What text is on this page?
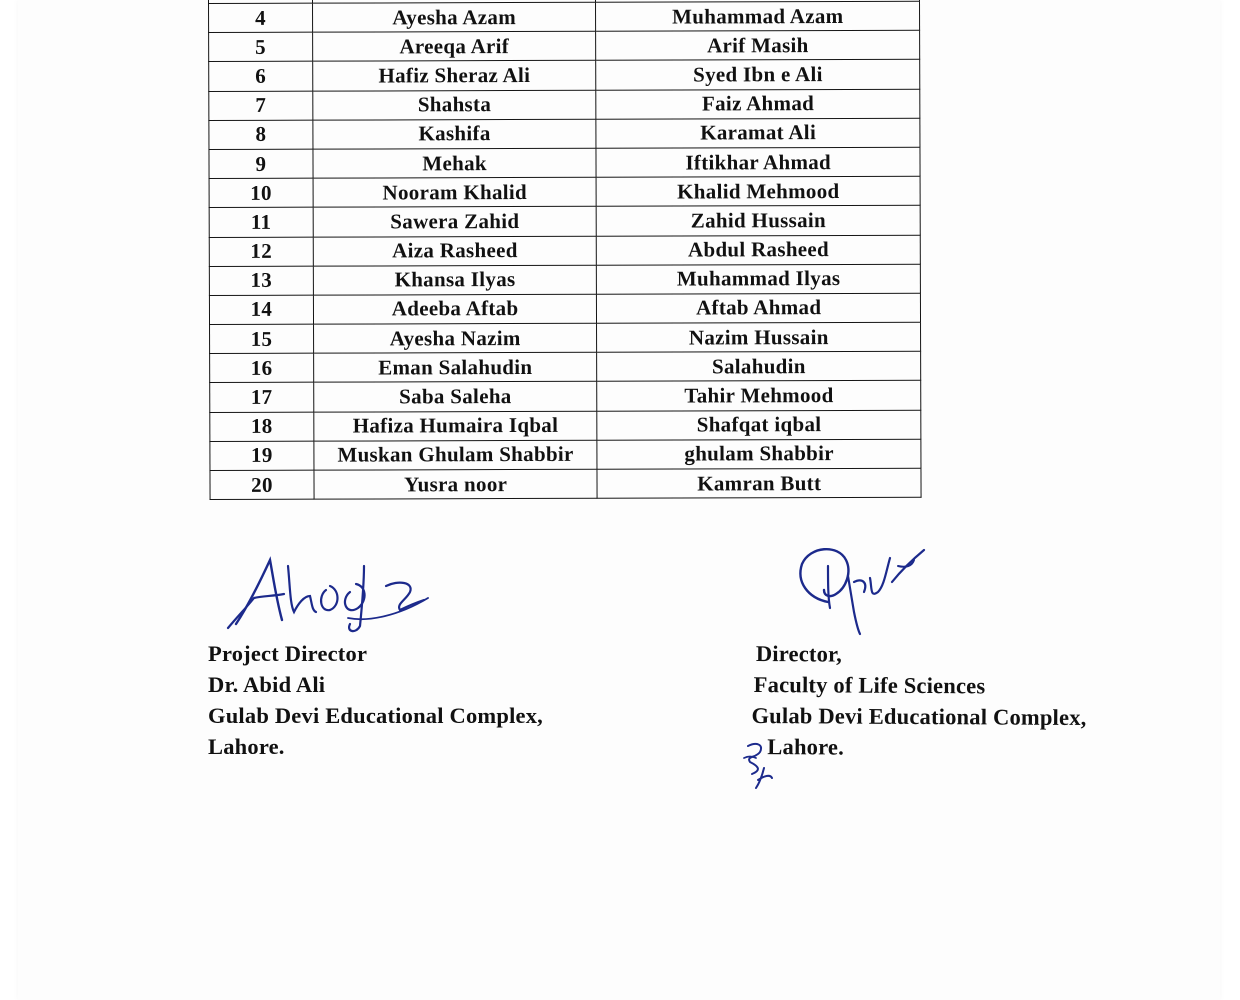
4	Ayesha Azam	Muhammad Azam
5	Areeqa Arif	Arif Masih
6	Hafiz Sheraz Ali	Syed Ibn e Ali
7	Shahsta	Faiz Ahmad
8	Kashifa	Karamat Ali
9	Mehak	Iftikhar Ahmad
10	Nooram Khalid	Khalid Mehmood
11	Sawera Zahid	Zahid Hussain
12	Aiza Rasheed	Abdul Rasheed
13	Khansa Ilyas	Muhammad Ilyas
14	Adeeba Aftab	Aftab Ahmad
15	Ayesha Nazim	Nazim Hussain
16	Eman Salahudin	Salahudin
17	Saba Saleha	Tahir Mehmood
18	Hafiza Humaira Iqbal	Shafqat iqbal
19	Muskan Ghulam Shabbir	ghulam Shabbir
20	Yusra noor	Kamran Butt
Project Director
Dr. Abid Ali
Gulab Devi Educational Complex,
Lahore.
Director,
Faculty of Life Sciences
Gulab Devi Educational Complex,
Lahore.
